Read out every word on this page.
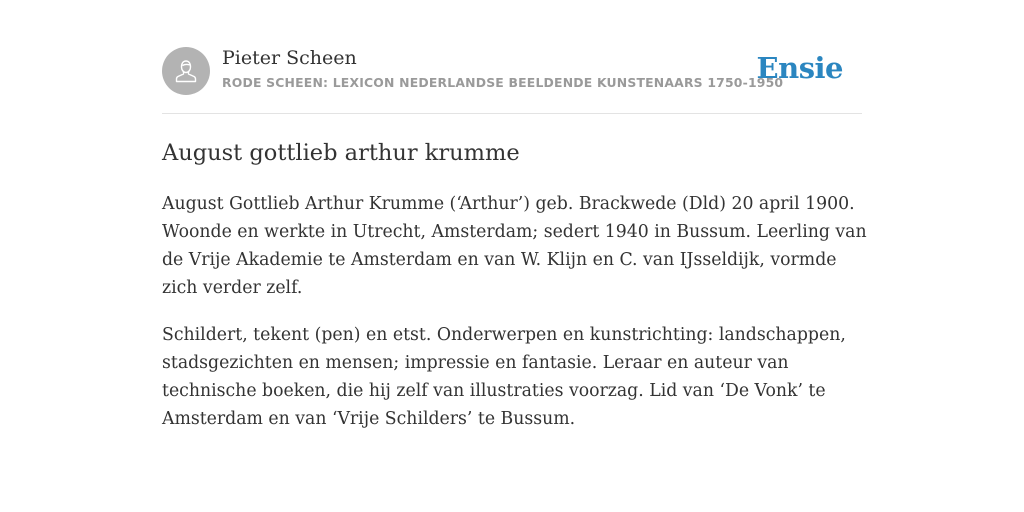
Pieter Scheen
RODE SCHEEN: LEXICON NEDERLANDSE BEELDENDE KUNSTENAARS 1750-1950
Ensie
August gottlieb arthur krumme

August Gottlieb Arthur Krumme (‘Arthur’) geb. Brackwede (Dld) 20 april 1900. Woonde en werkte in Utrecht, Amsterdam; sedert 1940 in Bussum. Leerling van de Vrije Akademie te Amsterdam en van W. Klijn en C. van IJsseldijk, vormde zich verder zelf.

Schildert, tekent (pen) en etst. Onderwerpen en kunstrichting: landschappen, stadsgezichten en mensen; impressie en fantasie. Leraar en auteur van technische boeken, die hij zelf van illustraties voorzag. Lid van ‘De Vonk’ te Amsterdam en van ‘Vrije Schilders’ te Bussum.
